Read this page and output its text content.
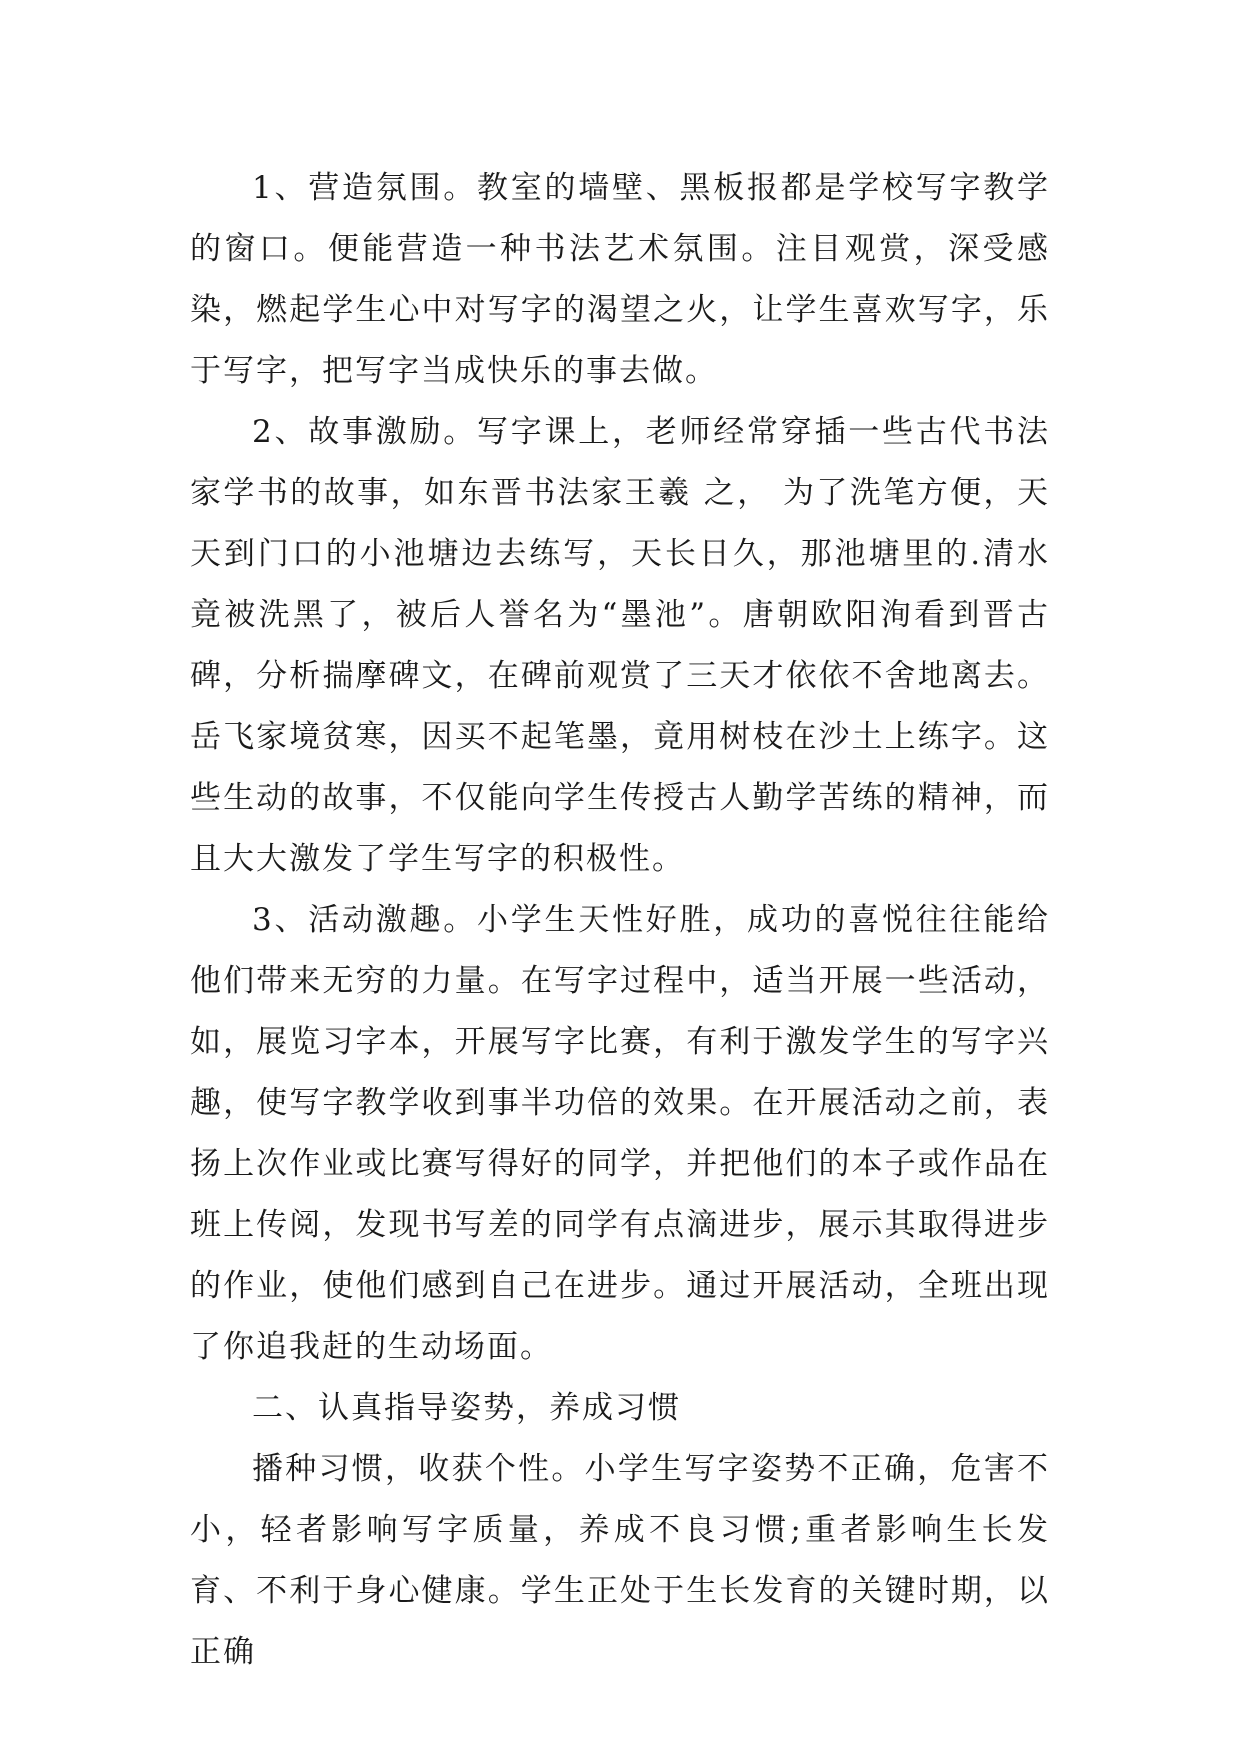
1、营造氛围。教室的墙壁、黑板报都是学校写字教学的窗口。便能营造一种书法艺术氛围。注目观赏，深受感染，燃起学生心中对写字的渴望之火，让学生喜欢写字，乐于写字，把写字当成快乐的事去做。

2、故事激励。写字课上，老师经常穿插一些古代书法家学书的故事，如东晋书法家王羲 之， 为了洗笔方便，天天到门口的小池塘边去练写，天长日久，那池塘里的.清水竟被洗黑了，被后人誉名为“墨池”。唐朝欧阳洵看到晋古碑，分析揣摩碑文，在碑前观赏了三天才依依不舍地离去。岳飞家境贫寒，因买不起笔墨，竟用树枝在沙土上练字。这些生动的故事，不仅能向学生传授古人勤学苦练的精神，而且大大激发了学生写字的积极性。

3、活动激趣。小学生天性好胜，成功的喜悦往往能给他们带来无穷的力量。在写字过程中，适当开展一些活动，如，展览习字本，开展写字比赛，有利于激发学生的写字兴趣，使写字教学收到事半功倍的效果。在开展活动之前，表扬上次作业或比赛写得好的同学，并把他们的本子或作品在班上传阅，发现书写差的同学有点滴进步，展示其取得进步的作业，使他们感到自己在进步。通过开展活动，全班出现了你追我赶的生动场面。

二、认真指导姿势，养成习惯

播种习惯，收获个性。小学生写字姿势不正确，危害不小，轻者影响写字质量，养成不良习惯;重者影响生长发育、不利于身心健康。学生正处于生长发育的关键时期，以正确
